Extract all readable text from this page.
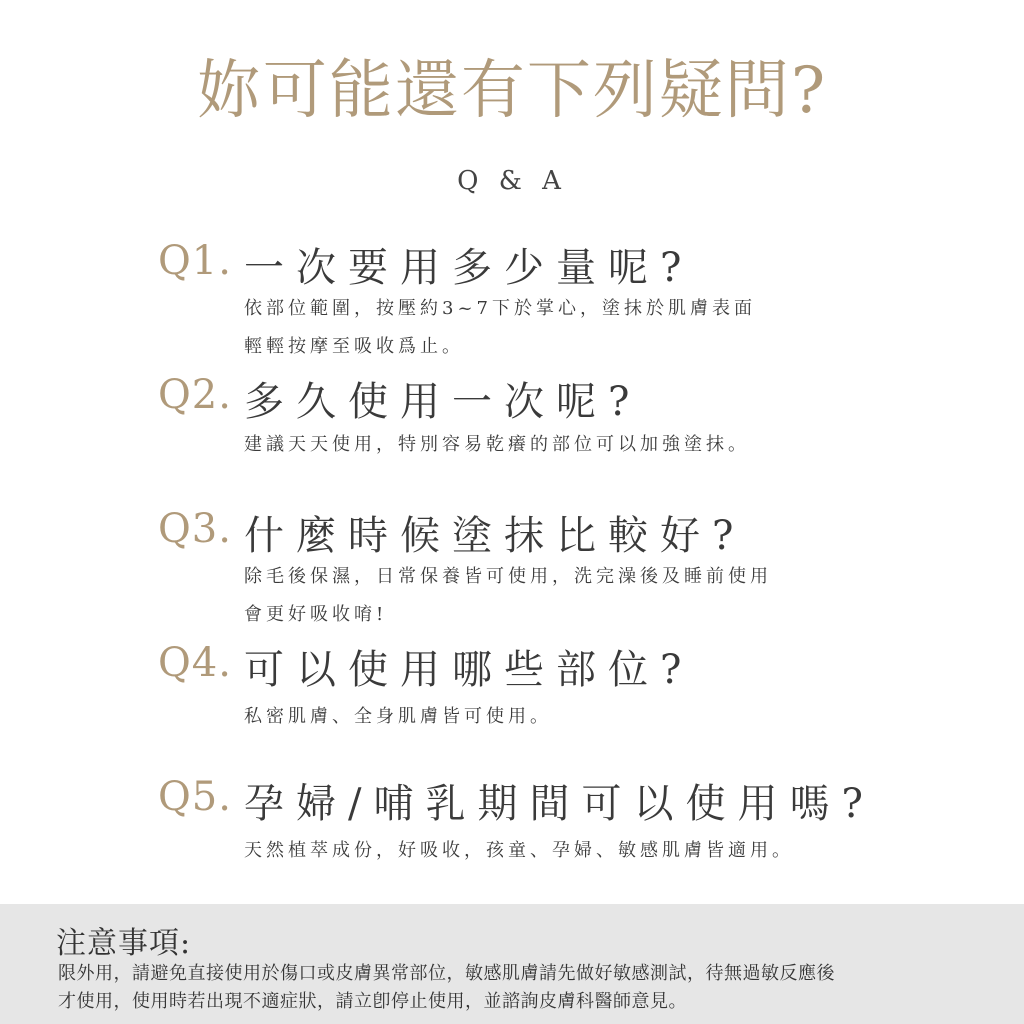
妳可能還有下列疑問?
Q & A
Q1. 一次要用多少量呢?
依部位範圍，按壓約3~7下於掌心，塗抹於肌膚表面
輕輕按摩至吸收爲止。
Q2. 多久使用一次呢?
建議天天使用，特別容易乾癢的部位可以加強塗抹。
Q3. 什麼時候塗抹比較好?
除毛後保濕，日常保養皆可使用，洗完澡後及睡前使用
會更好吸收唷!
Q4. 可以使用哪些部位?
私密肌膚、全身肌膚皆可使用。
Q5. 孕婦/哺乳期間可以使用嗎?
天然植萃成份，好吸收，孩童、孕婦、敏感肌膚皆適用。
注意事項:
限外用，請避免直接使用於傷口或皮膚異常部位，敏感肌膚請先做好敏感測試，待無過敏反應後
才使用，使用時若出現不適症狀，請立卽停止使用，並諮詢皮膚科醫師意見。
